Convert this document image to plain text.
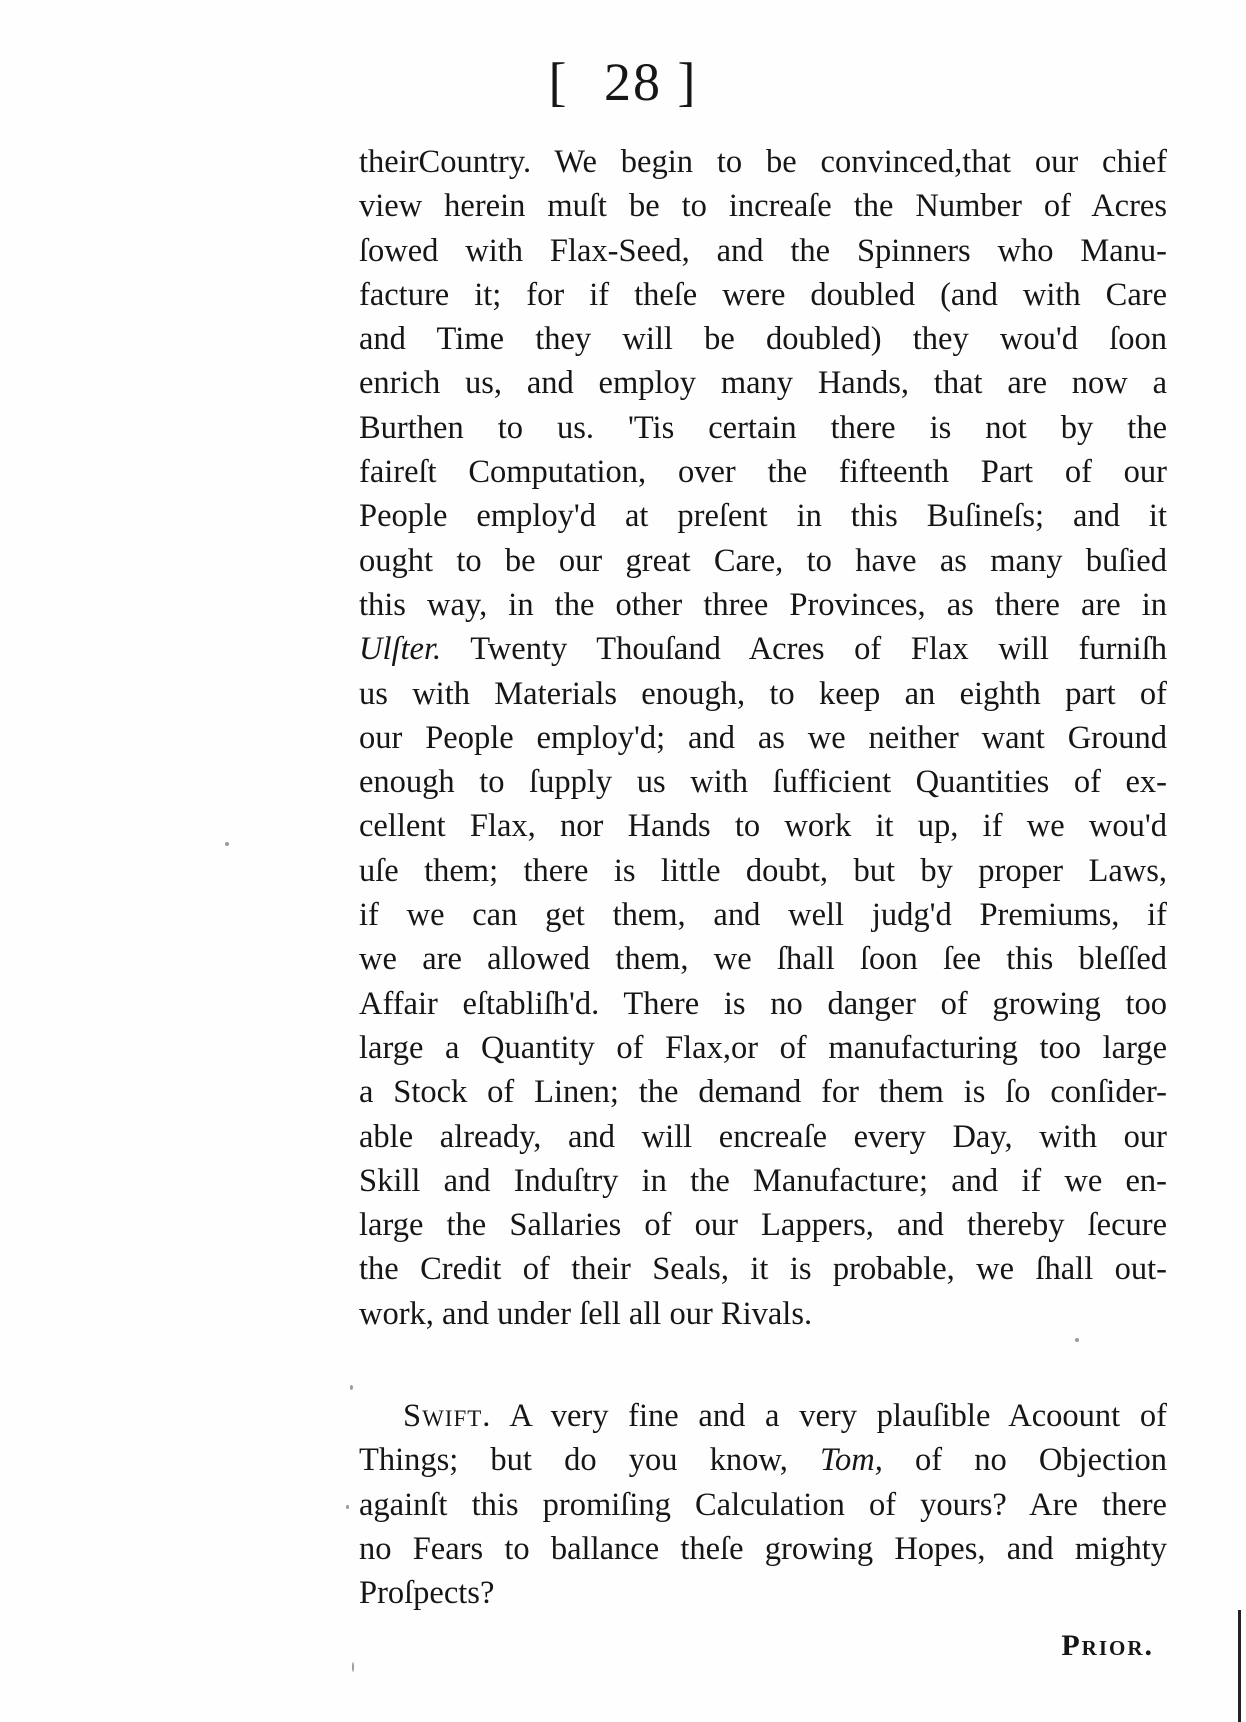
[ 28 ]
theirCountry. We begin to be convinced,that our chief
view herein muſt be to increaſe the Number of Acres
ſowed with Flax-Seed, and the Spinners who Manu-
facture it; for if theſe were doubled (and with Care
and Time they will be doubled) they wou'd ſoon
enrich us, and employ many Hands, that are now a
Burthen to us. 'Tis certain there is not by the
faireſt Computation, over the fifteenth Part of our
People employ'd at preſent in this Buſineſs; and it
ought to be our great Care, to have as many buſied
this way, in the other three Provinces, as there are in
Ulſter. Twenty Thouſand Acres of Flax will furniſh
us with Materials enough, to keep an eighth part of
our People employ'd; and as we neither want Ground
enough to ſupply us with ſufficient Quantities of ex-
cellent Flax, nor Hands to work it up, if we wou'd
uſe them; there is little doubt, but by proper Laws,
if we can get them, and well judg'd Premiums, if
we are allowed them, we ſhall ſoon ſee this bleſſed
Affair eſtabliſh'd. There is no danger of growing too
large a Quantity of Flax,or of manufacturing too large
a Stock of Linen; the demand for them is ſo conſider-
able already, and will encreaſe every Day, with our
Skill and Induſtry in the Manufacture; and if we en-
large the Sallaries of our Lappers, and thereby ſecure
the Credit of their Seals, it is probable, we ſhall out-
work, and under ſell all our Rivals.
Swift. A very fine and a very plauſible Acoount of
Things; but do you know, Tom, of no Objection
againſt this promiſing Calculation of yours? Are there
no Fears to ballance theſe growing Hopes, and mighty
Proſpects?
Prior.
